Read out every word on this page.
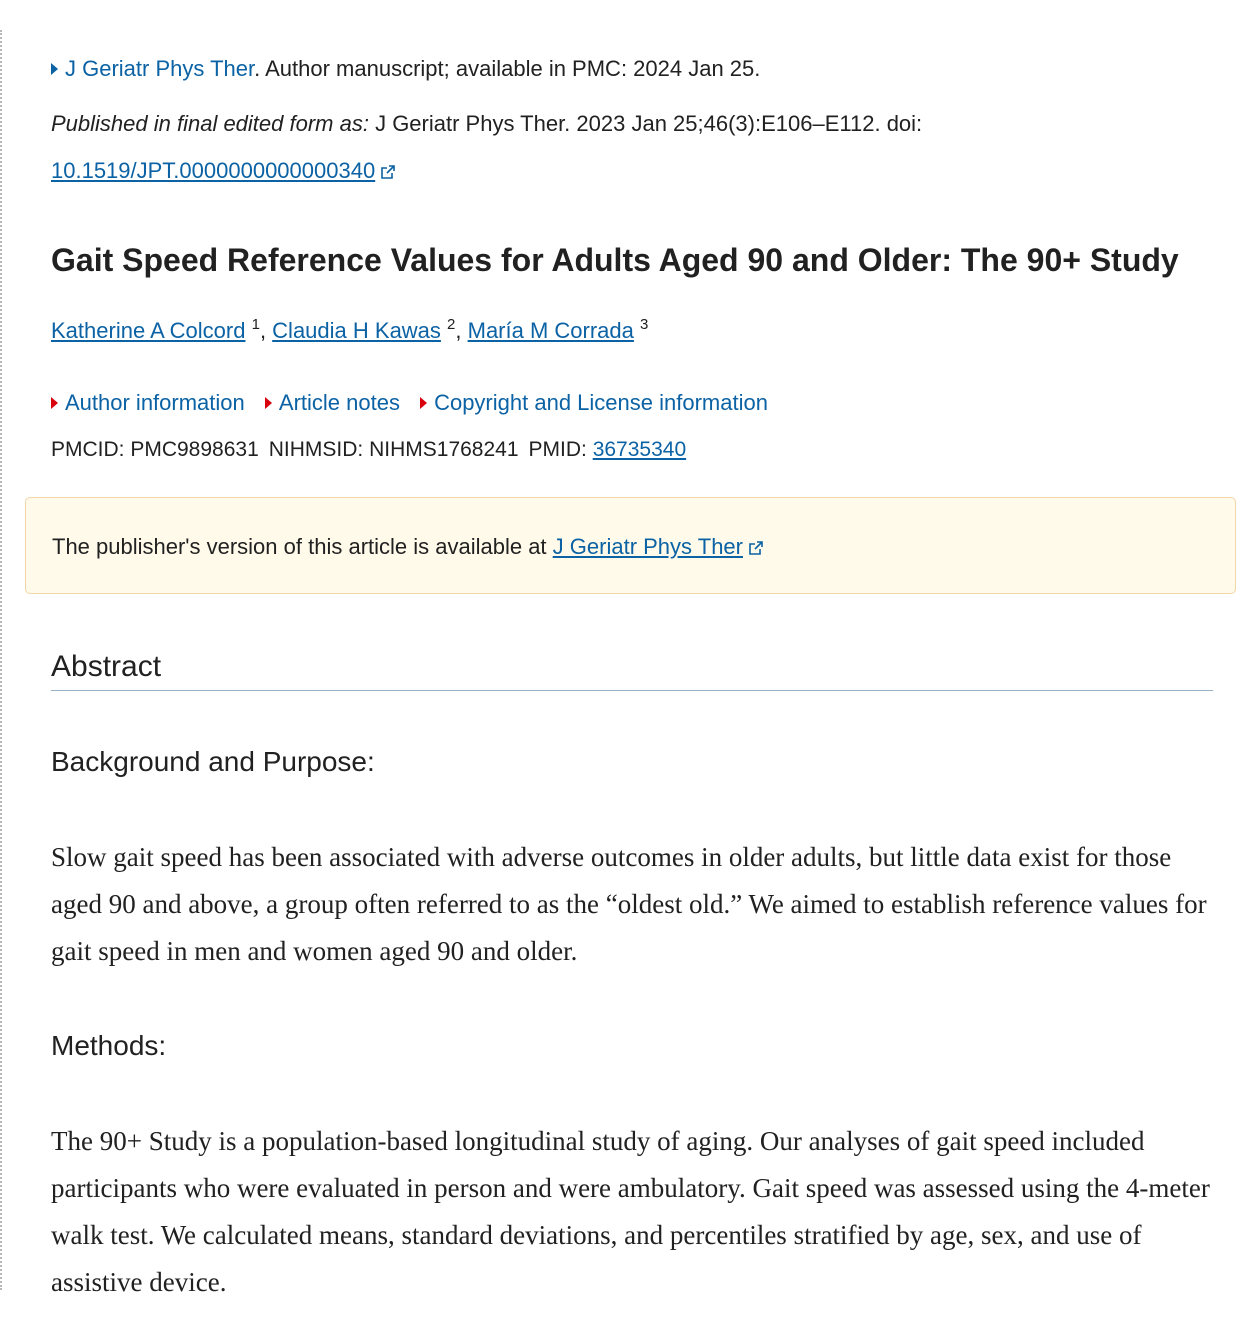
J Geriatr Phys Ther. Author manuscript; available in PMC: 2024 Jan 25.
Published in final edited form as: J Geriatr Phys Ther. 2023 Jan 25;46(3):E106–E112. doi: 10.1519/JPT.0000000000000340
Gait Speed Reference Values for Adults Aged 90 and Older: The 90+ Study
Katherine A Colcord $^1$, Claudia H Kawas $^2$, María M Corrada $^3$
Author information Article notes Copyright and License information
PMCID: PMC9898631 NIHMSID: NIHMS1768241 PMID: 36735340
The publisher's version of this article is available at J Geriatr Phys Ther
Abstract
Background and Purpose:

Slow gait speed has been associated with adverse outcomes in older adults, but little data exist for those aged 90 and above, a group often referred to as the “oldest old.” We aimed to establish reference values for gait speed in men and women aged 90 and older.

Methods:

The 90+ Study is a population-based longitudinal study of aging. Our analyses of gait speed included participants who were evaluated in person and were ambulatory. Gait speed was assessed using the 4-meter walk test. We calculated means, standard deviations, and percentiles stratified by age, sex, and use of assistive device.
